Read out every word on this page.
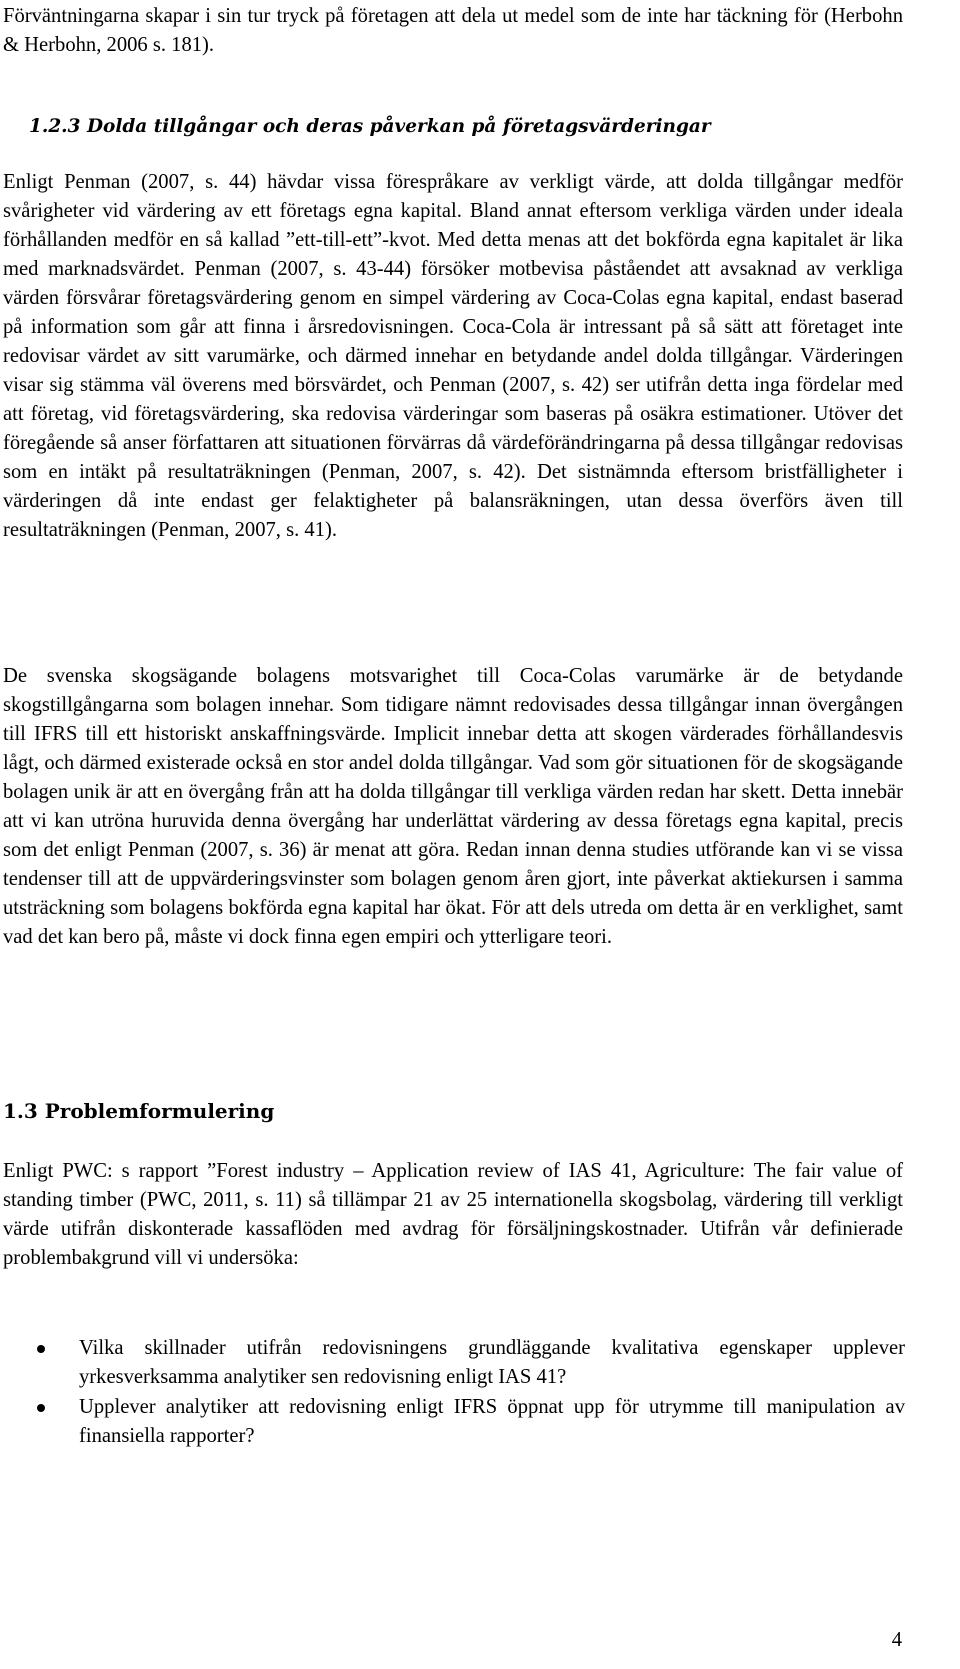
Förväntningarna skapar i sin tur tryck på företagen att dela ut medel som de inte har täckning för (Herbohn & Herbohn, 2006 s. 181).

1.2.3 Dolda tillgångar och deras påverkan på företagsvärderingar

Enligt Penman (2007, s. 44) hävdar vissa förespråkare av verkligt värde, att dolda tillgångar medför svårigheter vid värdering av ett företags egna kapital. Bland annat eftersom verkliga värden under ideala förhållanden medför en så kallad ”ett-till-ett”-kvot. Med detta menas att det bokförda egna kapitalet är lika med marknadsvärdet. Penman (2007, s. 43-44) försöker motbevisa påståendet att avsaknad av verkliga värden försvårar företagsvärdering genom en simpel värdering av Coca-Colas egna kapital, endast baserad på information som går att finna i årsredovisningen. Coca-Cola är intressant på så sätt att företaget inte redovisar värdet av sitt varumärke, och därmed innehar en betydande andel dolda tillgångar. Värderingen visar sig stämma väl överens med börsvärdet, och Penman (2007, s. 42) ser utifrån detta inga fördelar med att företag, vid företagsvärdering, ska redovisa värderingar som baseras på osäkra estimationer. Utöver det föregående så anser författaren att situationen förvärras då värdeförändringarna på dessa tillgångar redovisas som en intäkt på resultaträkningen (Penman, 2007, s. 42). Det sistnämnda eftersom bristfälligheter i värderingen då inte endast ger felaktigheter på balansräkningen, utan dessa överförs även till resultaträkningen (Penman, 2007, s. 41).

De svenska skogsägande bolagens motsvarighet till Coca-Colas varumärke är de betydande skogstillgångarna som bolagen innehar. Som tidigare nämnt redovisades dessa tillgångar innan övergången till IFRS till ett historiskt anskaffningsvärde. Implicit innebar detta att skogen värderades förhållandesvis lågt, och därmed existerade också en stor andel dolda tillgångar. Vad som gör situationen för de skogsägande bolagen unik är att en övergång från att ha dolda tillgångar till verkliga värden redan har skett. Detta innebär att vi kan utröna huruvida denna övergång har underlättat värdering av dessa företags egna kapital, precis som det enligt Penman (2007, s. 36) är menat att göra. Redan innan denna studies utförande kan vi se vissa tendenser till att de uppvärderingsvinster som bolagen genom åren gjort, inte påverkat aktiekursen i samma utsträckning som bolagens bokförda egna kapital har ökat. För att dels utreda om detta är en verklighet, samt vad det kan bero på, måste vi dock finna egen empiri och ytterligare teori.

1.3 Problemformulering

Enligt PWC: s rapport ”Forest industry – Application review of IAS 41, Agriculture: The fair value of standing timber (PWC, 2011, s. 11) så tillämpar 21 av 25 internationella skogsbolag, värdering till verkligt värde utifrån diskonterade kassaflöden med avdrag för försäljningskostnader. Utifrån vår definierade problembakgrund vill vi undersöka:

Vilka skillnader utifrån redovisningens grundläggande kvalitativa egenskaper upplever yrkesverksamma analytiker sen redovisning enligt IAS 41?
Upplever analytiker att redovisning enligt IFRS öppnat upp för utrymme till manipulation av finansiella rapporter?

4
